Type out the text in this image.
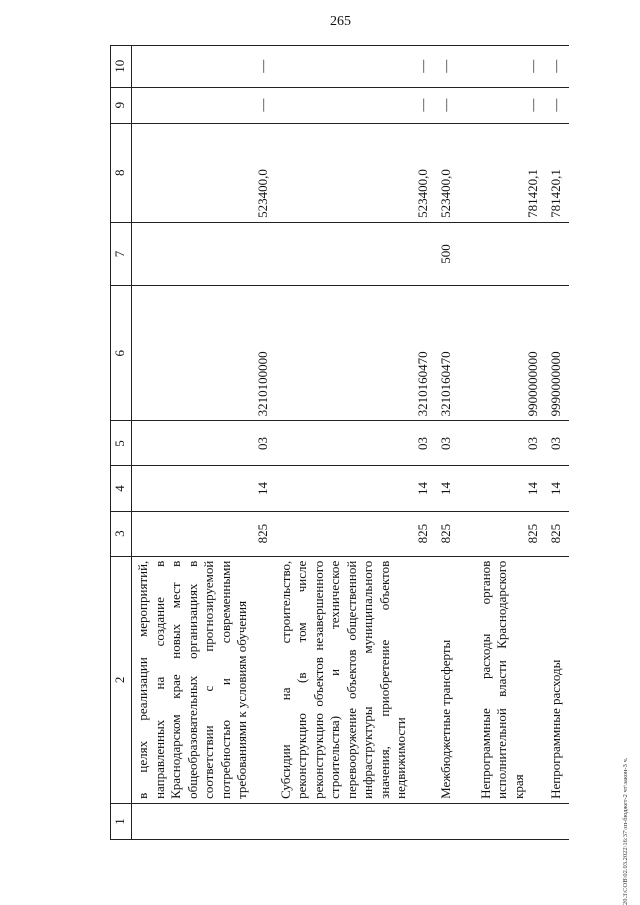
265
20.3\СОВ\02.03.2022\16:37\зп-бюджет-2 чт\закон-3 ч.
1	2	3	4	5	6	7	8	9	10
	в целях реализации мероприятий, направленных на создание в Краснодарском крае новых мест в общеобразовательных организациях в соответствии с прогнозируемой потребностью и современными требованиями к условиям обучения	825	14	03	3210100000		523400,0	—	—
	Субсидии на строительство, реконструкцию (в том числе реконструкцию объектов незавершенного строительства) и техническое перевооружение объектов общественной инфраструктуры муниципального значения, приобретение объектов недвижимости	825	14	03	3210160470		523400,0	—	—
	Межбюджетные трансферты	825	14	03	3210160470	500	523400,0	—	—
	Непрограммные расходы органов исполнительной власти Краснодарского края	825	14	03	9900000000		781420,1	—	—
	Непрограммные расходы	825	14	03	9990000000		781420,1	—	—
